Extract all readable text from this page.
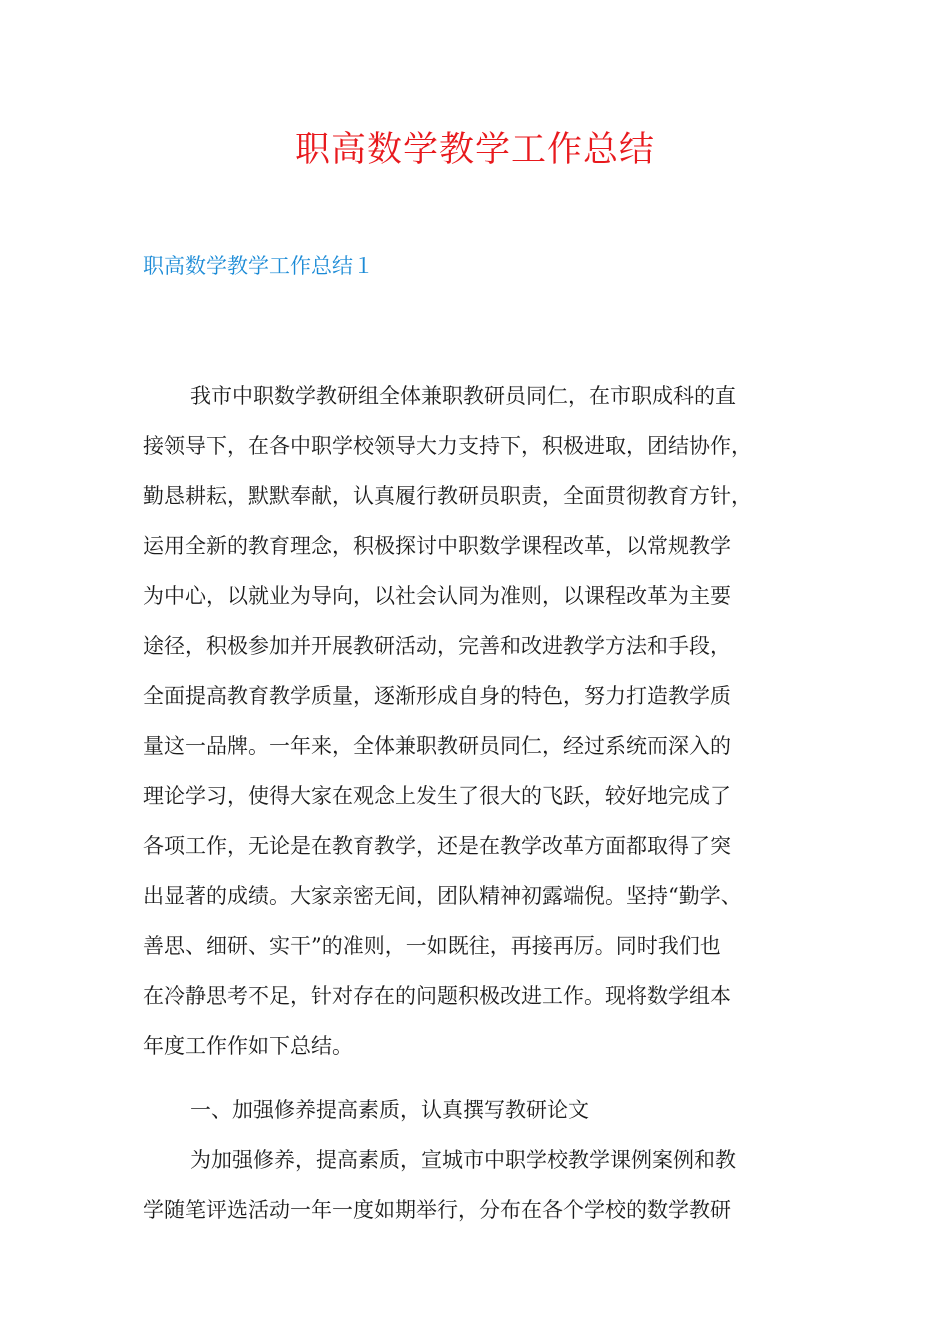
职高数学教学工作总结
职高数学教学工作总结１
我市中职数学教研组全体兼职教研员同仁，在市职成科的直
接领导下，在各中职学校领导大力支持下，积极进取，团结协作，
勤恳耕耘，默默奉献，认真履行教研员职责，全面贯彻教育方针，
运用全新的教育理念，积极探讨中职数学课程改革，以常规教学
为中心，以就业为导向，以社会认同为准则，以课程改革为主要
途径，积极参加并开展教研活动，完善和改进教学方法和手段，
全面提高教育教学质量，逐渐形成自身的特色，努力打造教学质
量这一品牌。一年来，全体兼职教研员同仁，经过系统而深入的
理论学习，使得大家在观念上发生了很大的飞跃，较好地完成了
各项工作，无论是在教育教学，还是在教学改革方面都取得了突
出显著的成绩。大家亲密无间，团队精神初露端倪。坚持“勤学、
善思、细研、实干”的准则，一如既往，再接再厉。同时我们也
在冷静思考不足，针对存在的问题积极改进工作。现将数学组本
年度工作作如下总结。
一、加强修养提高素质，认真撰写教研论文
为加强修养，提高素质，宣城市中职学校教学课例案例和教
学随笔评选活动一年一度如期举行，分布在各个学校的数学教研
